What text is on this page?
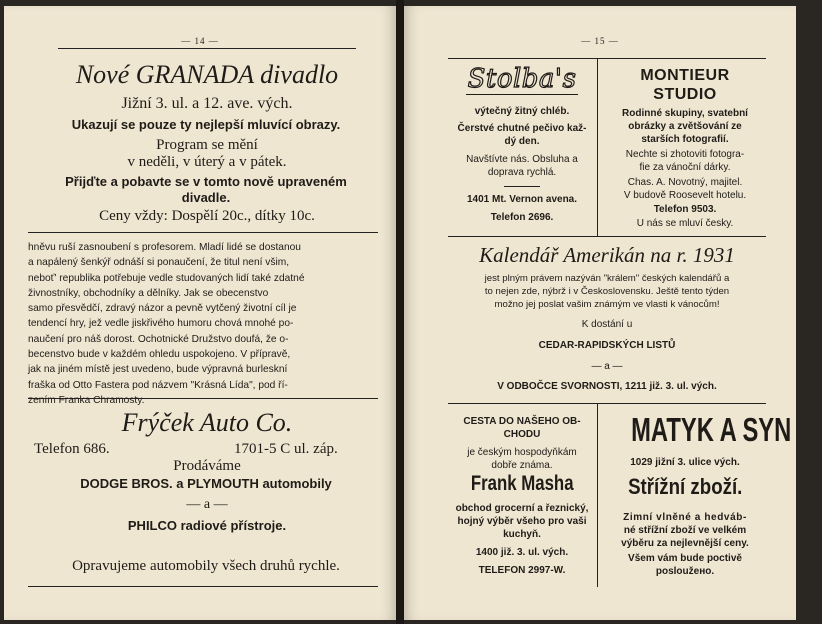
— 14 —
Nové GRANADA divadlo
Jižní 3. ul. a 12. ave. vých.
Ukazují se pouze ty nejlepší mluvící obrazy.
Program se mění
v neděli, v úterý a v pátek.
Přijďte a pobavte se v tomto nově upraveném
divadle.
Ceny vždy: Dospělí 20c., dítky 10c.
hněvu ruší zasnoubení s profesorem. Mladí lidé se dostanou
a napálený šenkýř odnáší si ponaučení, že titul není všim,
neboť' republika potřebuje vedle studovaných lidí také zdatné
živnostníky, obchodníky a dělníky. Jak se obecenstvo
samo přesvědčí, zdravý názor a pevně vytčený životní cíl je
tendencí hry, jež vedle jiskřivého humoru chová mnohé po-
naučení pro náš dorost. Ochotnické Družstvo doufá, že o-
becenstvo bude v každém ohledu uspokojeno. V přípravě,
jak na jiném místě jest uvedeno, bude výpravná burleskní
fraška od Otto Fastera pod názvem "Krásná Lída", pod ří-
zením Franka Chramosty.
Frýček Auto Co.
Telefon 686.	1701-5 C ul. záp.
Prodáváme
DODGE BROS. a PLYMOUTH automobily
— a —
PHILCO radiové přístroje.
Opravujeme automobily všech druhů rychle.
— 15 —
Stolba's
výtečný žitný chléb.
Čerstvé chutné pečivo kaž-
dý den.
Navštívte nás. Obsluha a
doprava rychlá.
1401 Mt. Vernon avena.
Telefon 2696.
MONTIEUR
STUDIO
Rodinné skupiny, svatební
obrázky a zvětšování ze
starších fotografií.
Nechte si zhotoviti fotogra-
fie za vánoční dárky.
Chas. A. Novotný, majitel.
V budově Roosevelt hotelu.
Telefon 9503.
U nás se mluví česky.
Kalendář Amerikán na r. 1931
jest plným právem nazýván "králem" českých kalendářů a
to nejen zde, nýbrž i v Československu. Ještě tento týden
možno jej poslat vašim známým ve vlasti k vánocům!
K dostání u
CEDAR-RAPIDSKÝCH LISTŮ
— a —
V ODBOČCE SVORNOSTI, 1211 již. 3. ul. vých.
CESTA DO NAŠEHO OB-
CHODU
je českým hospodyňkám
dobře známa.
Frank Masha
obchod grocerní a řeznický,
hojný výběr všeho pro vaši
kuchyň.
1400 již. 3. ul. vých.
TELEFON 2997-W.
MATYK A SYN
1029 jižní 3. ulice vých.
Střížní zboží.
Zimní vlněné a hedváb-
né střížní zboží ve velkém
výběru za nejlevnější ceny.
Všem vám bude poctivě
posloužено.
